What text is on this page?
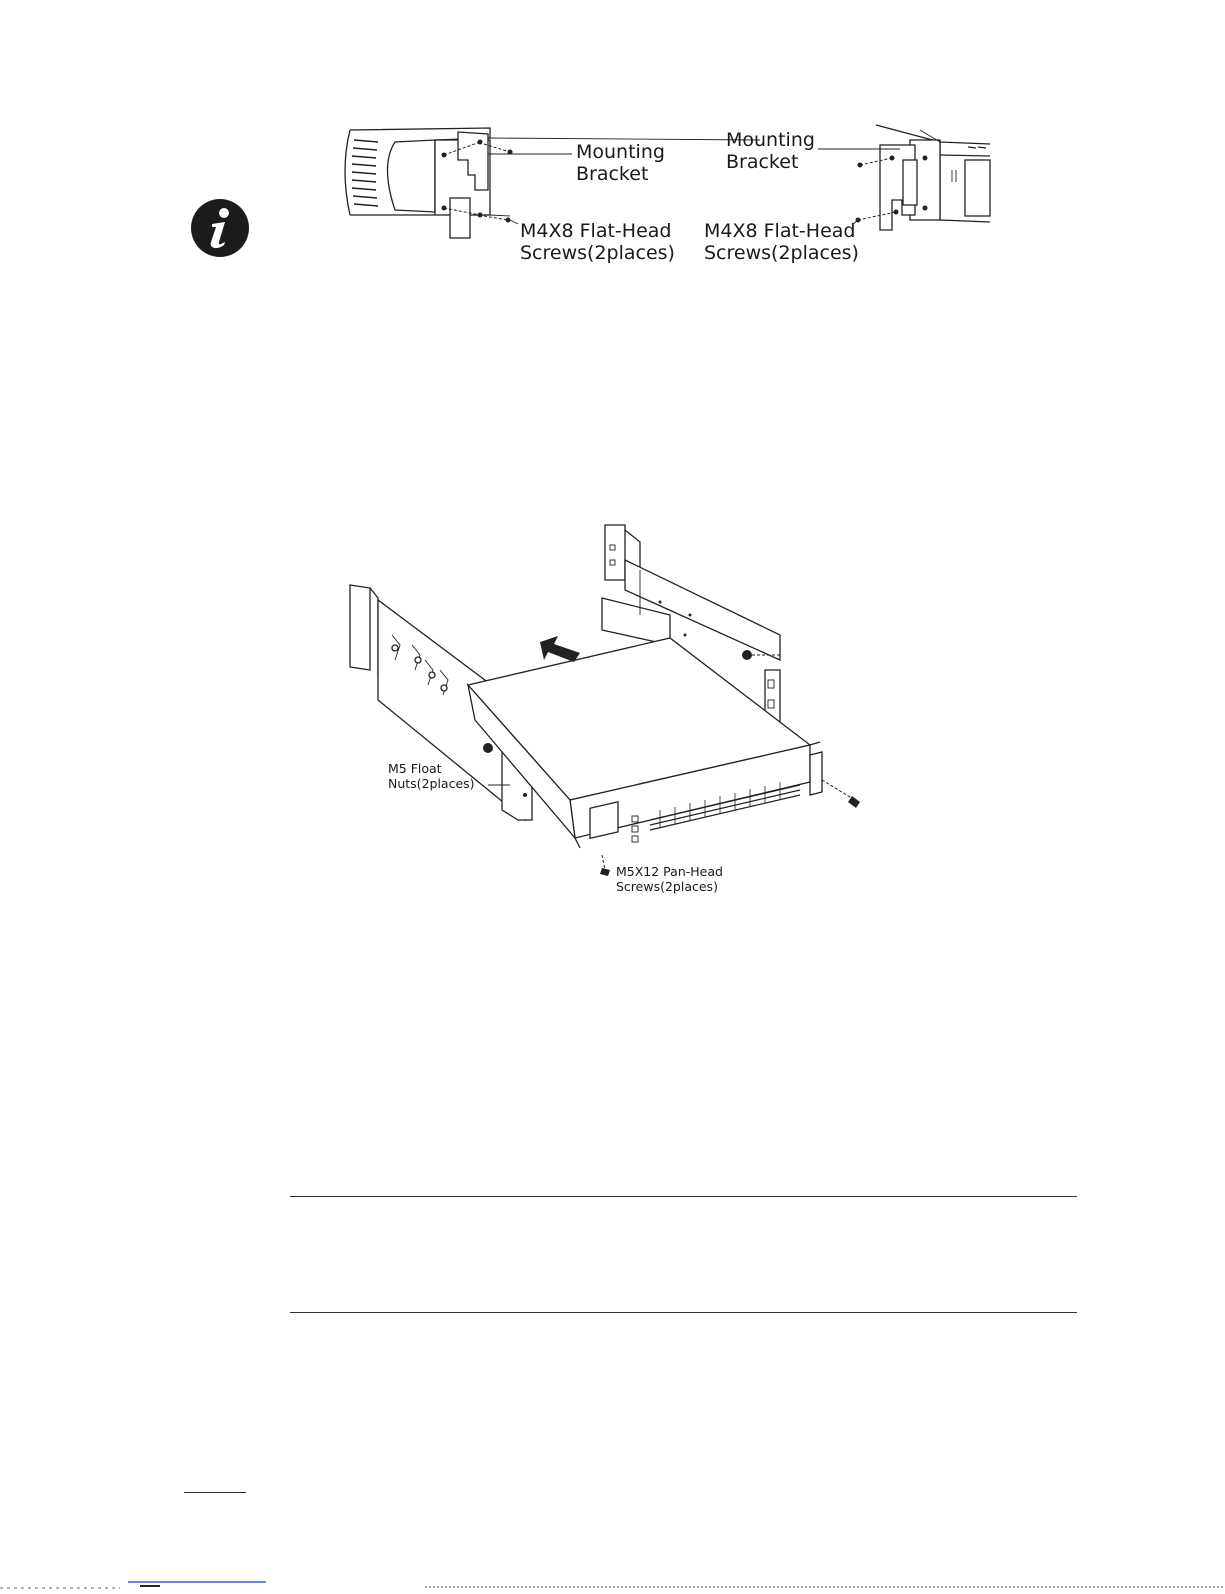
Mounting
Bracket
M4X8 Flat-Head
Screws(2places)
Mounting
Bracket
M4X8 Flat-Head
Screws(2places)
M5 Float
Nuts(2places)
M5X12 Pan-Head
Screws(2places)
